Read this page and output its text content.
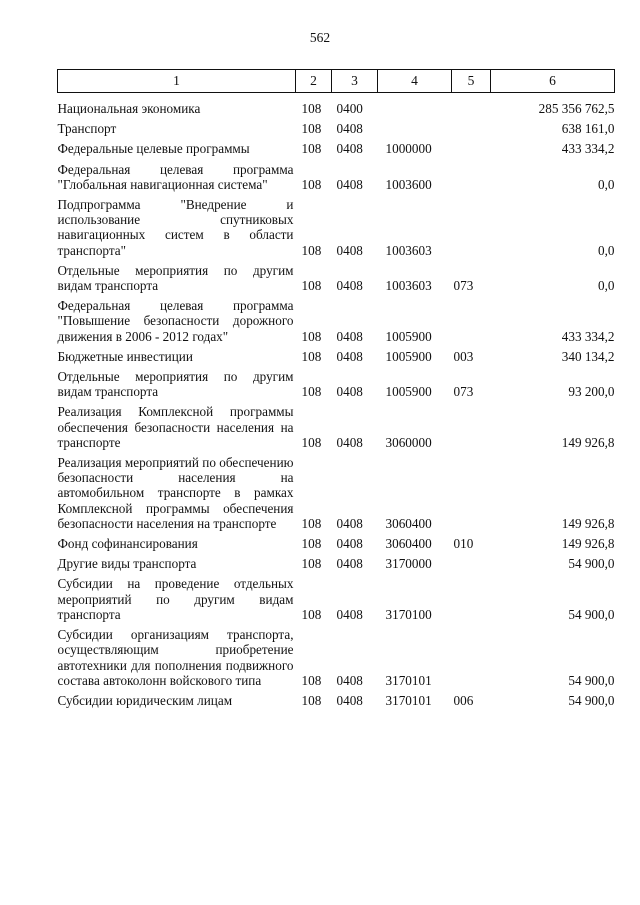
562
1	2	3	4	5	6
Национальная экономика	108	0400			285 356 762,5
Транспорт	108	0408			638 161,0
Федеральные целевые программы	108	0408	1000000		433 334,2
Федеральная целевая программа "Глобальная навигационная система"	108	0408	1003600		0,0
Подпрограмма "Внедрение и использование спутниковых навигационных систем в области транспорта"	108	0408	1003603		0,0
Отдельные мероприятия по другим видам транспорта	108	0408	1003603	073	0,0
Федеральная целевая программа "Повышение безопасности дорожного движения в 2006 - 2012 годах"	108	0408	1005900		433 334,2
Бюджетные инвестиции	108	0408	1005900	003	340 134,2
Отдельные мероприятия по другим видам транспорта	108	0408	1005900	073	93 200,0
Реализация Комплексной программы обеспечения безопасности населения на транспорте	108	0408	3060000		149 926,8
Реализация мероприятий по обеспечению безопасности населения на автомобильном транспорте в рамках Комплексной программы обеспечения безопасности населения на транспорте	108	0408	3060400		149 926,8
Фонд софинансирования	108	0408	3060400	010	149 926,8
Другие виды транспорта	108	0408	3170000		54 900,0
Субсидии на проведение отдельных мероприятий по другим видам транспорта	108	0408	3170100		54 900,0
Субсидии организациям транспорта, осуществляющим приобретение автотехники для пополнения подвижного состава автоколонн войскового типа	108	0408	3170101		54 900,0
Субсидии юридическим лицам	108	0408	3170101	006	54 900,0
